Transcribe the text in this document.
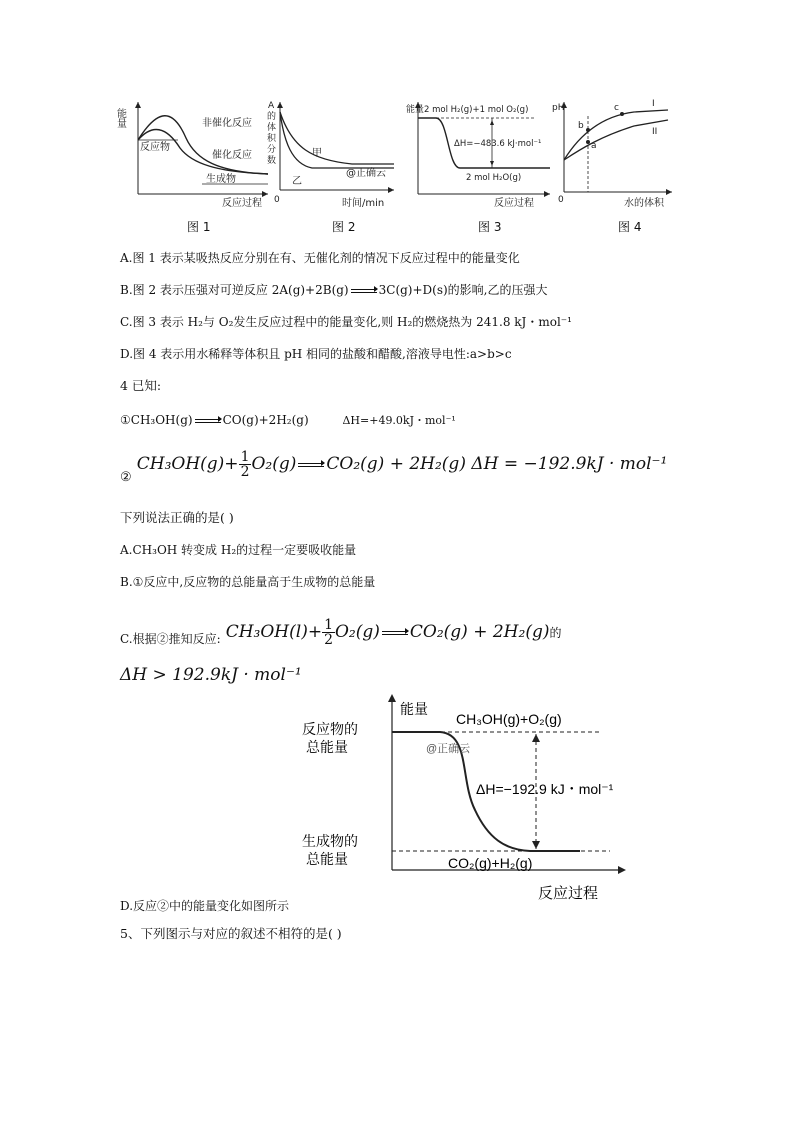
能量	非催化反应
催化反应
反应物
生成物
反应过程
图 1
A
的
体
积
分
数
甲
乙
@正确云
0	时间/min
图 2
能量 2 mol H₂(g)+1 mol O₂(g)
ΔH=−483.6 kJ·mol⁻¹
2 mol H₂O(g)
反应过程
图 3
pH
b
a
c	I
II
0	水的体积
图 4
A.图 1 表示某吸热反应分别在有、无催化剂的情况下反应过程中的能量变化
B.图 2 表示压强对可逆反应 2A(g)+2B(g) → 3C(g)+D(s)的影响,乙的压强大
C.图 3 表示 H₂与 O₂发生反应过程中的能量变化,则 H₂的燃烧热为 241.8 kJ・mol⁻¹
D.图 4 表示用水稀释等体积且 pH 相同的盐酸和醋酸,溶液导电性:a>b>c
4 已知:
①CH₃OH(g) → CO(g)+2H₂(g)	ΔH=+49.0kJ・mol⁻¹
$_②$ $CH_3OH(g)+ \frac{1}{2} O_2(g) \to CO_2(g) + 2H_2(g) \Delta H = -192.9kJ \cdot mol^{-1}$
下列说法正确的是( )
A.CH₃OH 转变成 H₂的过程一定要吸收能量
B.①反应中,反应物的总能量高于生成物的总能量
$_{C.根据②推知反应:}$ $CH_3OH(l)+ \frac{1}{2} O_2(g) \to CO_2(g) + 2H_2(g)$的
ΔH > 192.9kJ · mol⁻¹
能量
CH₃OH(g)+O₂(g)
反应物的
总能量	@正确云
ΔH=−192.9 kJ・mol⁻¹
生成物的
总能量	CO₂(g)+H₂(g)
反应过程
D.反应②中的能量变化如图所示
5、下列图示与对应的叙述不相符的是( )
